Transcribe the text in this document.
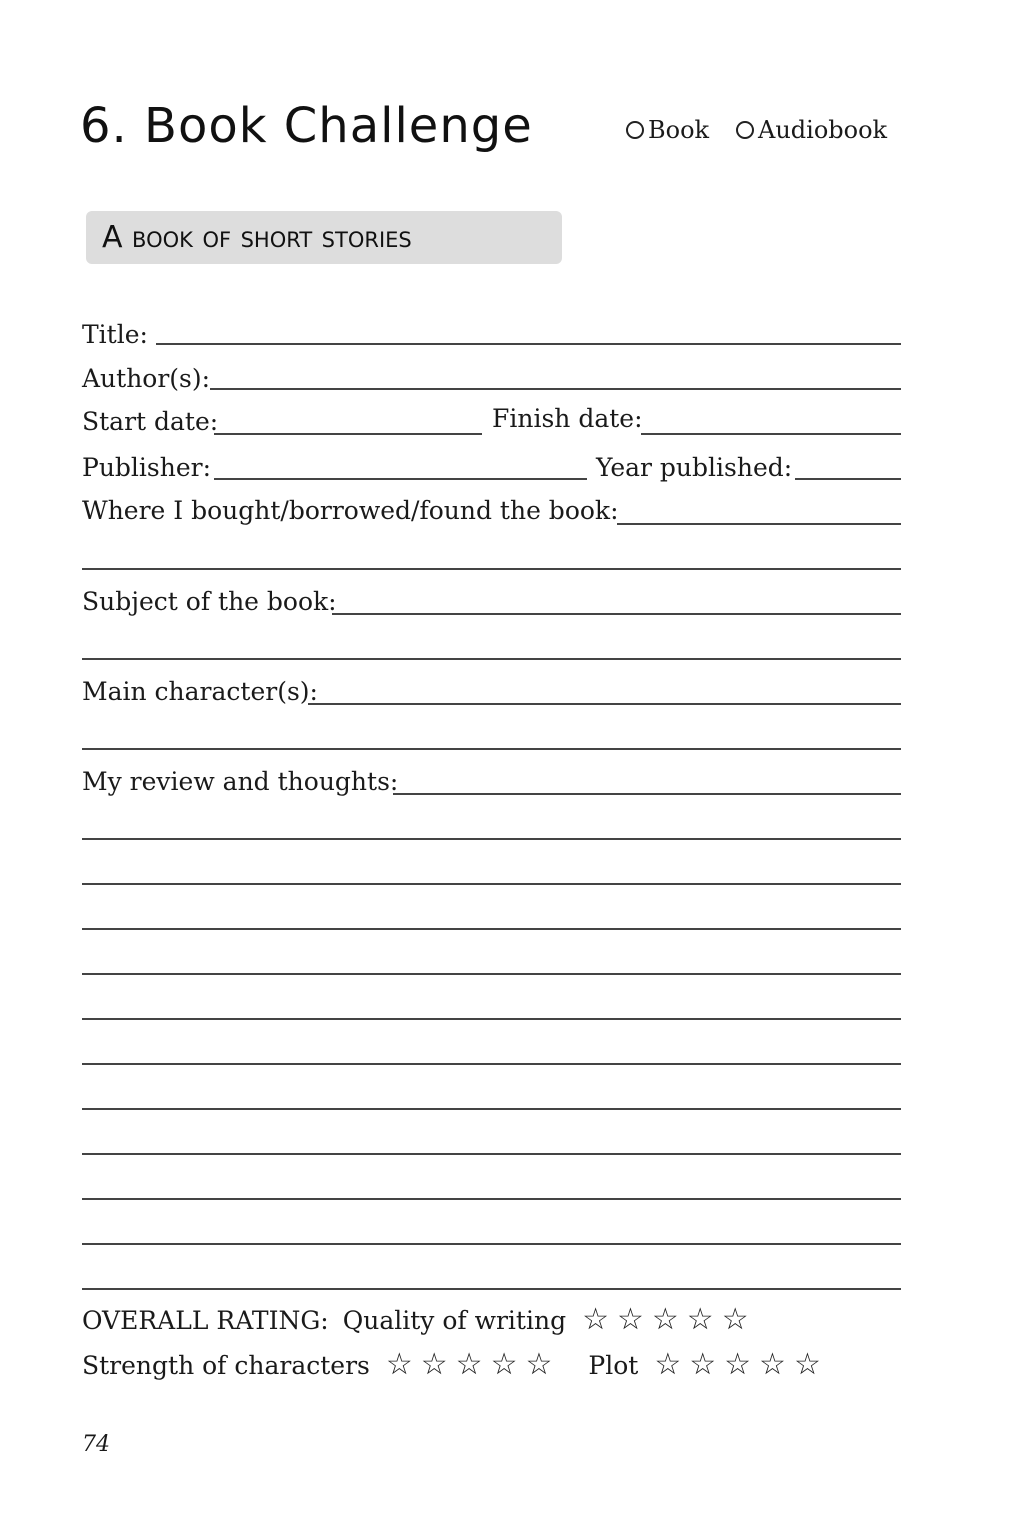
6. Book Challenge	Book Audiobook
A book of short stories
Title:
Author(s):
Start date:	Finish date:
Publisher:	Year published:
Where I bought/borrowed/found the book:
Subject of the book:
Main character(s):
My review and thoughts:
OVERALL RATING: Quality of writing ☆ ☆ ☆ ☆ ☆
Strength of characters ☆ ☆ ☆ ☆ ☆ Plot ☆ ☆ ☆ ☆ ☆
74
